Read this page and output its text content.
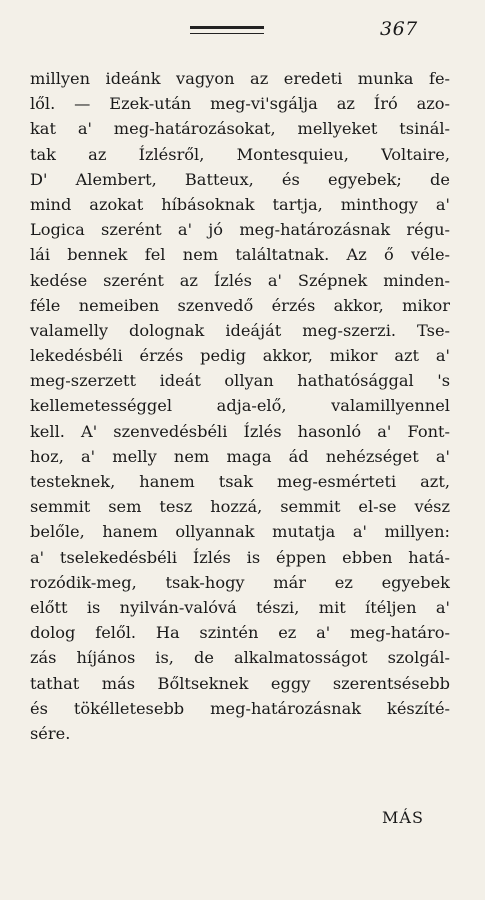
367
millyen ideánk vagyon az eredeti munka fe-
lől. — Ezek-után meg-vi'sgálja az Író azo-
kat a' meg-határozásokat, mellyeket tsinál-
tak az Ízlésről, Montesquieu, Voltaire,
D' Alembert, Batteux, és egyebek; de
mind azokat híbásoknak tartja, minthogy a'
Logica szerént a' jó meg-határozásnak régu-
lái bennek fel nem találtatnak. Az ő véle-
kedése szerént az Ízlés a' Szépnek minden-
féle nemeiben szenvedő érzés akkor, mikor
valamelly dolognak ideáját meg-szerzi. Tse-
lekedésbéli érzés pedig akkor, mikor azt a'
meg-szerzett ideát ollyan hathatósággal 's
kellemetességgel adja-elő, valamillyennel
kell. A' szenvedésbéli Ízlés hasonló a' Font-
hoz, a' melly nem maga ád nehézséget a'
testeknek, hanem tsak meg-esmérteti azt,
semmit sem tesz hozzá, semmit el-se vész
belőle, hanem ollyannak mutatja a' millyen:
a' tselekedésbéli Ízlés is éppen ebben hatá-
rozódik-meg, tsak-hogy már ez egyebek
előtt is nyilván-valóvá tészi, mit ítéljen a'
dolog felől. Ha szintén ez a' meg-határo-
zás híjános is, de alkalmatosságot szolgál-
tathat más Bőltseknek eggy szerentsésebb
és tökélletesebb meg-határozásnak készíté-
sére.
MÁS
